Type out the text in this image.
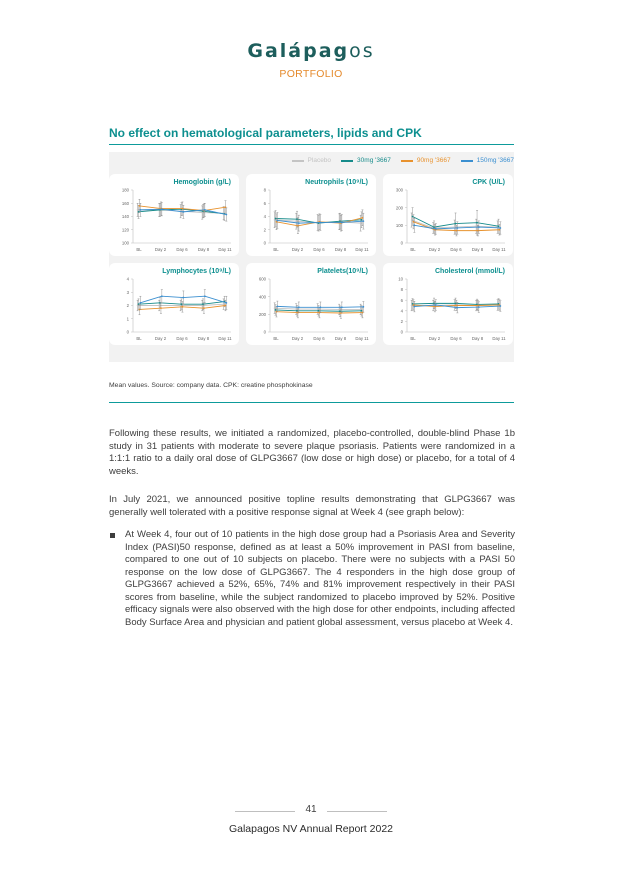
Galápagos
PORTFOLIO
No effect on hematological parameters, lipids and CPK
Placebo	30mg '3667	90mg '3667	150mg '3667
100
120
140
160
180
BL	Day 2 Day 6 Day 8 Day 11

Hemoglobin (g/L)

0
2
4
6
8
BL	Day 2 Day 6 Day 8 Day 11

Neutrophils (10⁹/L)

0
100
200
300
BL	Day 2 Day 6 Day 8 Day 11

CPK (U/L)

0
1
2
3
4
BL	Day 2 Day 6 Day 8 Day 11

Lymphocytes (10⁹/L)

0
200
400
600
BL	Day 2 Day 6 Day 8 Day 11

Platelets(10⁹/L)

0
2
4
6
8
10
BL	Day 2 Day 6 Day 8 Day 11

Cholesterol (mmol/L)

Mean values. Source: company data. CPK: creatine phosphokinase

Following these results, we initiated a randomized, placebo-controlled, double-blind Phase 1b study in 31 patients with moderate to severe plaque psoriasis. Patients were randomized in a 1:1:1 ratio to a daily oral dose of GLPG3667 (low dose or high dose) or placebo, for a total of 4 weeks.

In July 2021, we announced positive topline results demonstrating that GLPG3667 was generally well tolerated with a positive response signal at Week 4 (see graph below):

At Week 4, four out of 10 patients in the high dose group had a Psoriasis Area and Severity Index (PASI)50 response, defined as at least a 50% improvement in PASI from baseline, compared to one out of 10 subjects on placebo. There were no subjects with a PASI 50 response on the low dose of GLPG3667. The 4 responders in the high dose group of GLPG3667 achieved a 52%, 65%, 74% and 81% improvement respectively in their PASI scores from baseline, while the subject randomized to placebo improved by 52%. Positive efficacy signals were also observed with the high dose for other endpoints, including affected Body Surface Area and physician and patient global assessment, versus placebo at Week 4.
41
Galapagos NV Annual Report 2022
